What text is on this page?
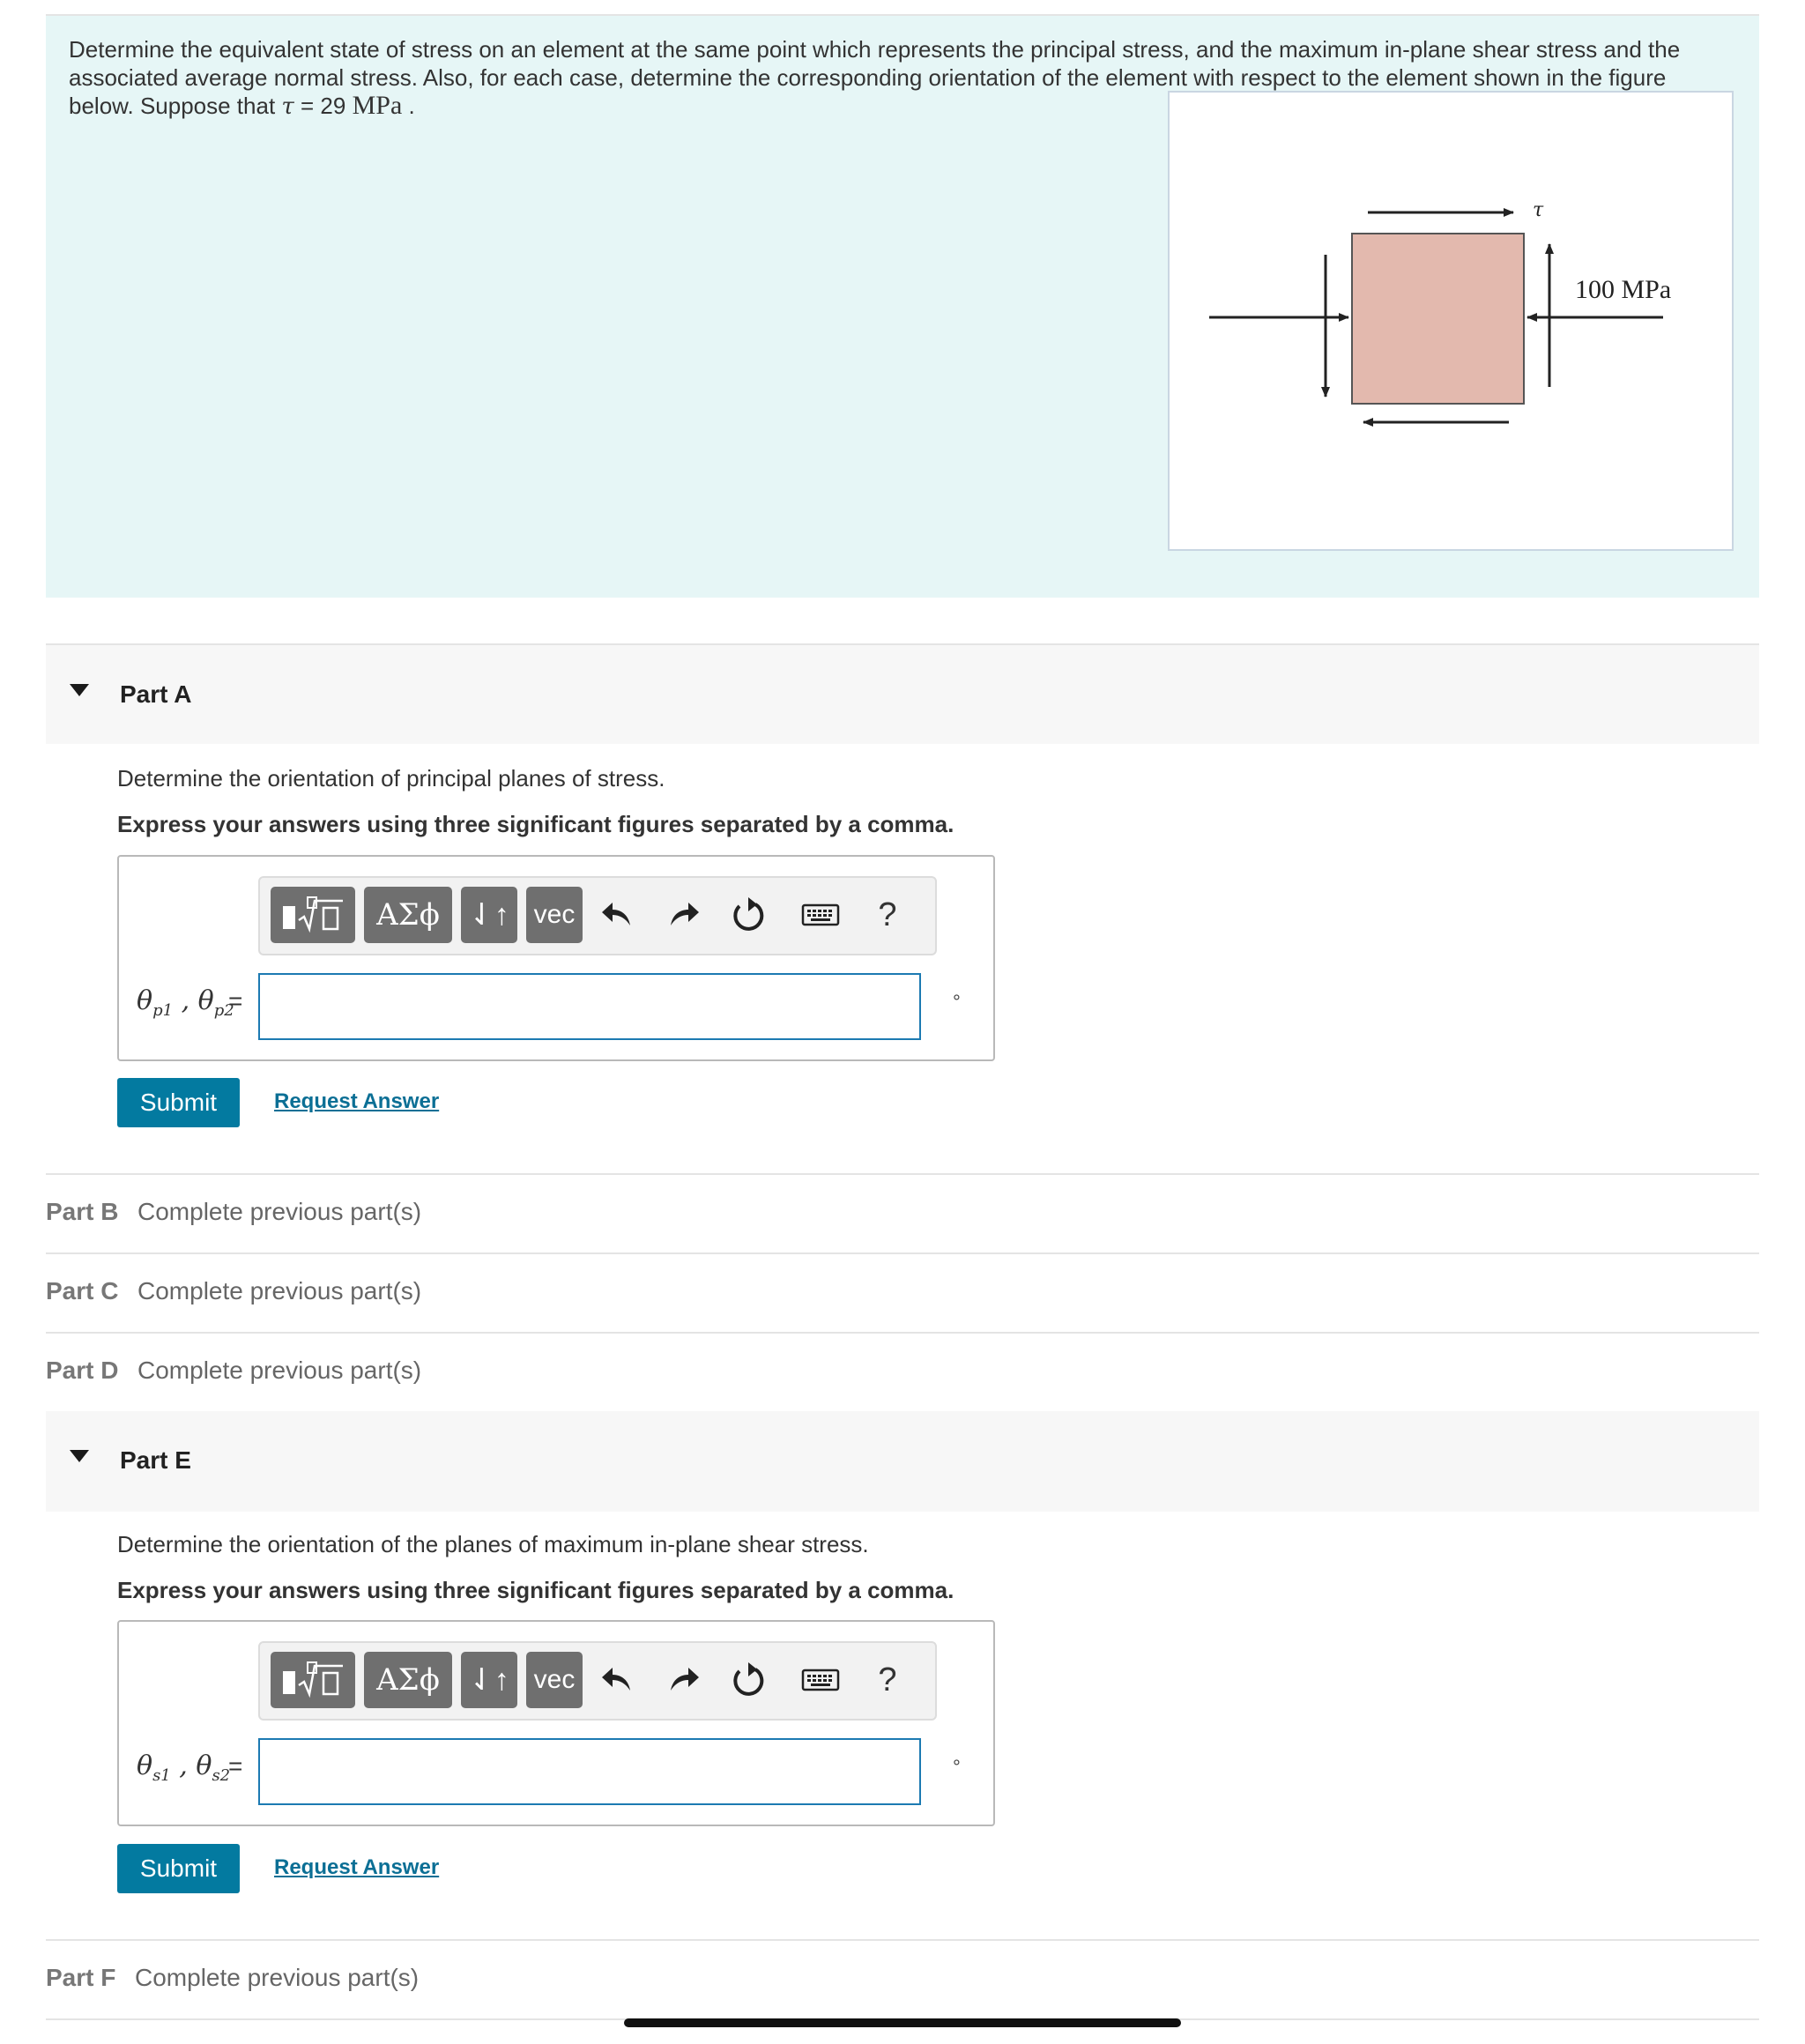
Determine the equivalent state of stress on an element at the same point which represents the principal stress, and the maximum in-plane shear stress and the associated average normal stress. Also, for each case, determine the corresponding orientation of the element with respect to the element shown in the figure below. Suppose that τ = 29 MPa .
τ
100 MPa
Part A
Determine the orientation of principal planes of stress.
Express your answers using three significant figures separated by a comma.
ΑΣϕ ⇃↑ vec	?
$\theta_{p1}$ , $\theta_{p2}$
=	°
Submit	Request Answer
Part B Complete previous part(s)
Part C Complete previous part(s)
Part D Complete previous part(s)
Part E
Determine the orientation of the planes of maximum in-plane shear stress.
Express your answers using three significant figures separated by a comma.
ΑΣϕ ⇃↑ vec	?
$\theta_{s1}$ , $\theta_{s2}$
=	°
Submit	Request Answer
Part F Complete previous part(s)
